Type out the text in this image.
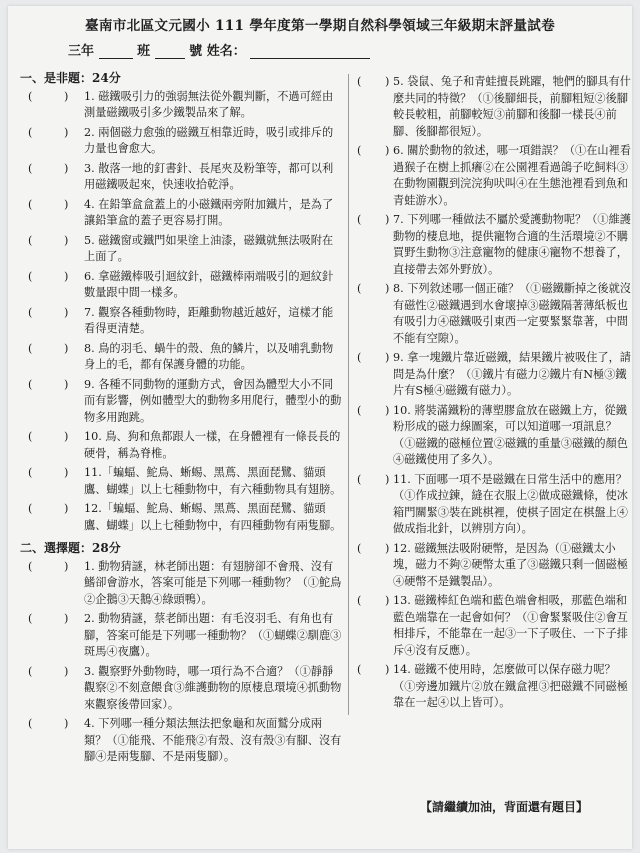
臺南市北區文元國小 111 學年度第一學期自然科學領域三年級期末評量試卷
三年	班	號 姓名：
一、是非題：24分
(	) 1. 磁鐵吸引力的強弱無法從外觀判斷，不過可經由測量磁鐵吸引多少鐵製品來了解。
(	) 2. 兩個磁力愈強的磁鐵互相靠近時，吸引或排斥的力量也會愈大。
(	) 3. 散落一地的釘書針、長尾夾及粉筆等，都可以利用磁鐵吸起來，快速收拾乾淨。
(	) 4. 在鉛筆盒盒蓋上的小磁鐵兩旁附加鐵片，是為了讓鉛筆盒的蓋子更容易打開。
(	) 5. 磁鐵窗或鐵門如果塗上油漆，磁鐵就無法吸附在上面了。
(	) 6. 拿磁鐵棒吸引迴紋針，磁鐵棒兩端吸引的迴紋針數量跟中間一樣多。
(	) 7. 觀察各種動物時，距離動物越近越好，這樣才能看得更清楚。
(	) 8. 鳥的羽毛、蝸牛的殼、魚的鱗片，以及哺乳動物身上的毛，都有保護身體的功能。
(	) 9. 各種不同動物的運動方式，會因為體型大小不同而有影響，例如體型大的動物多用爬行，體型小的動物多用跑跳。
(	) 10. 鳥、狗和魚都跟人一樣，在身體裡有一條長長的硬骨，稱為脊椎。
(	) 11.「蝙蝠、鮀鳥、蜥蜴、黑蔦、黑面琵鷺、貓頭鷹、蝴蝶」以上七種動物中，有六種動物具有翅膀。
(	) 12.「蝙蝠、鮀鳥、蜥蜴、黑蔦、黑面琵鷺、貓頭鷹、蝴蝶」以上七種動物中，有四種動物有兩隻腳。
二、選擇題：28分
(	) 1. 動物猜謎，林老師出題：有翅膀卻不會飛、沒有鰭卻會游水，答案可能是下列哪一種動物？（①鮀鳥②企鵝③天鵝④綠頭鴨）。
(	) 2. 動物猜謎，蔡老師出題：有毛沒羽毛、有角也有腳，答案可能是下列哪一種動物？（①蝴蝶②馴鹿③斑馬④夜鷹）。
(	) 3. 觀察野外動物時，哪一項行為不合適？（①靜靜觀察②不刻意餵食③維護動物的原棲息環境④抓動物來觀察後帶回家）。
(	) 4. 下列哪一種分類法無法把象龜和灰面鷲分成兩類？（①能飛、不能飛②有殼、沒有殼③有腳、沒有腳④是兩隻腳、不是兩隻腳）。
( ) 5. 袋鼠、兔子和青蛙擅長跳躍，牠們的腳具有什麼共同的特徵？（①後腳細長，前腳粗短②後腳較長較粗，前腳較短③前腳和後腳一樣長④前腳、後腳都很短）。
( ) 6. 關於動物的敘述，哪一項錯誤？（①在山裡看過猴子在樹上抓癢②在公園裡看過鴿子吃飼料③在動物園觀到浣浣狗吠叫④在生態池裡看到魚和青蛙游水）。
( ) 7. 下列哪一種做法不屬於愛護動物呢？（①維護動物的棲息地，提供寵物合適的生活環境②不購買野生動物③注意寵物的健康④寵物不想養了，直接帶去郊外野放）。
( ) 8. 下列敘述哪一個正確？（①磁鐵斷掉之後就沒有磁性②磁鐵遇到水會壞掉③磁鐵隔著薄紙板也有吸引力④磁鐵吸引東西一定要緊緊靠著，中間不能有空隙）。
( ) 9. 拿一塊鐵片靠近磁鐵，結果鐵片被吸住了，請問是為什麼？（①鐵片有磁力②鐵片有N極③鐵片有S極④磁鐵有磁力）。
( ) 10. 將裝滿鐵粉的薄塑膠盒放在磁鐵上方，從鐵粉形成的磁力線圖案，可以知道哪一項訊息？（①磁鐵的磁極位置②磁鐵的重量③磁鐵的顏色④磁鐵使用了多久）。
( ) 11. 下面哪一項不是磁鐵在日常生活中的應用？（①作成拉鍊，縫在衣服上②做成磁鐵條，使冰箱門關緊③裝在跳棋裡，使棋子固定在棋盤上④做成指北針，以辨別方向）。
( ) 12. 磁鐵無法吸附硬幣，是因為（①磁鐵太小塊，磁力不夠②硬幣太重了③磁鐵只剩一個磁極④硬幣不是鐵製品）。
( ) 13. 磁鐵棒紅色端和藍色端會相吸，那藍色端和藍色端靠在一起會如何？（①會緊緊吸住②會互相排斥，不能靠在一起③一下子吸住、一下子排斥④沒有反應）。
( ) 14. 磁鐵不使用時，怎麼做可以保存磁力呢？（①旁邊加鐵片②放在鐵盒裡③把磁鐵不同磁極靠在一起④以上皆可）。
【請繼續加油，背面還有題目】
